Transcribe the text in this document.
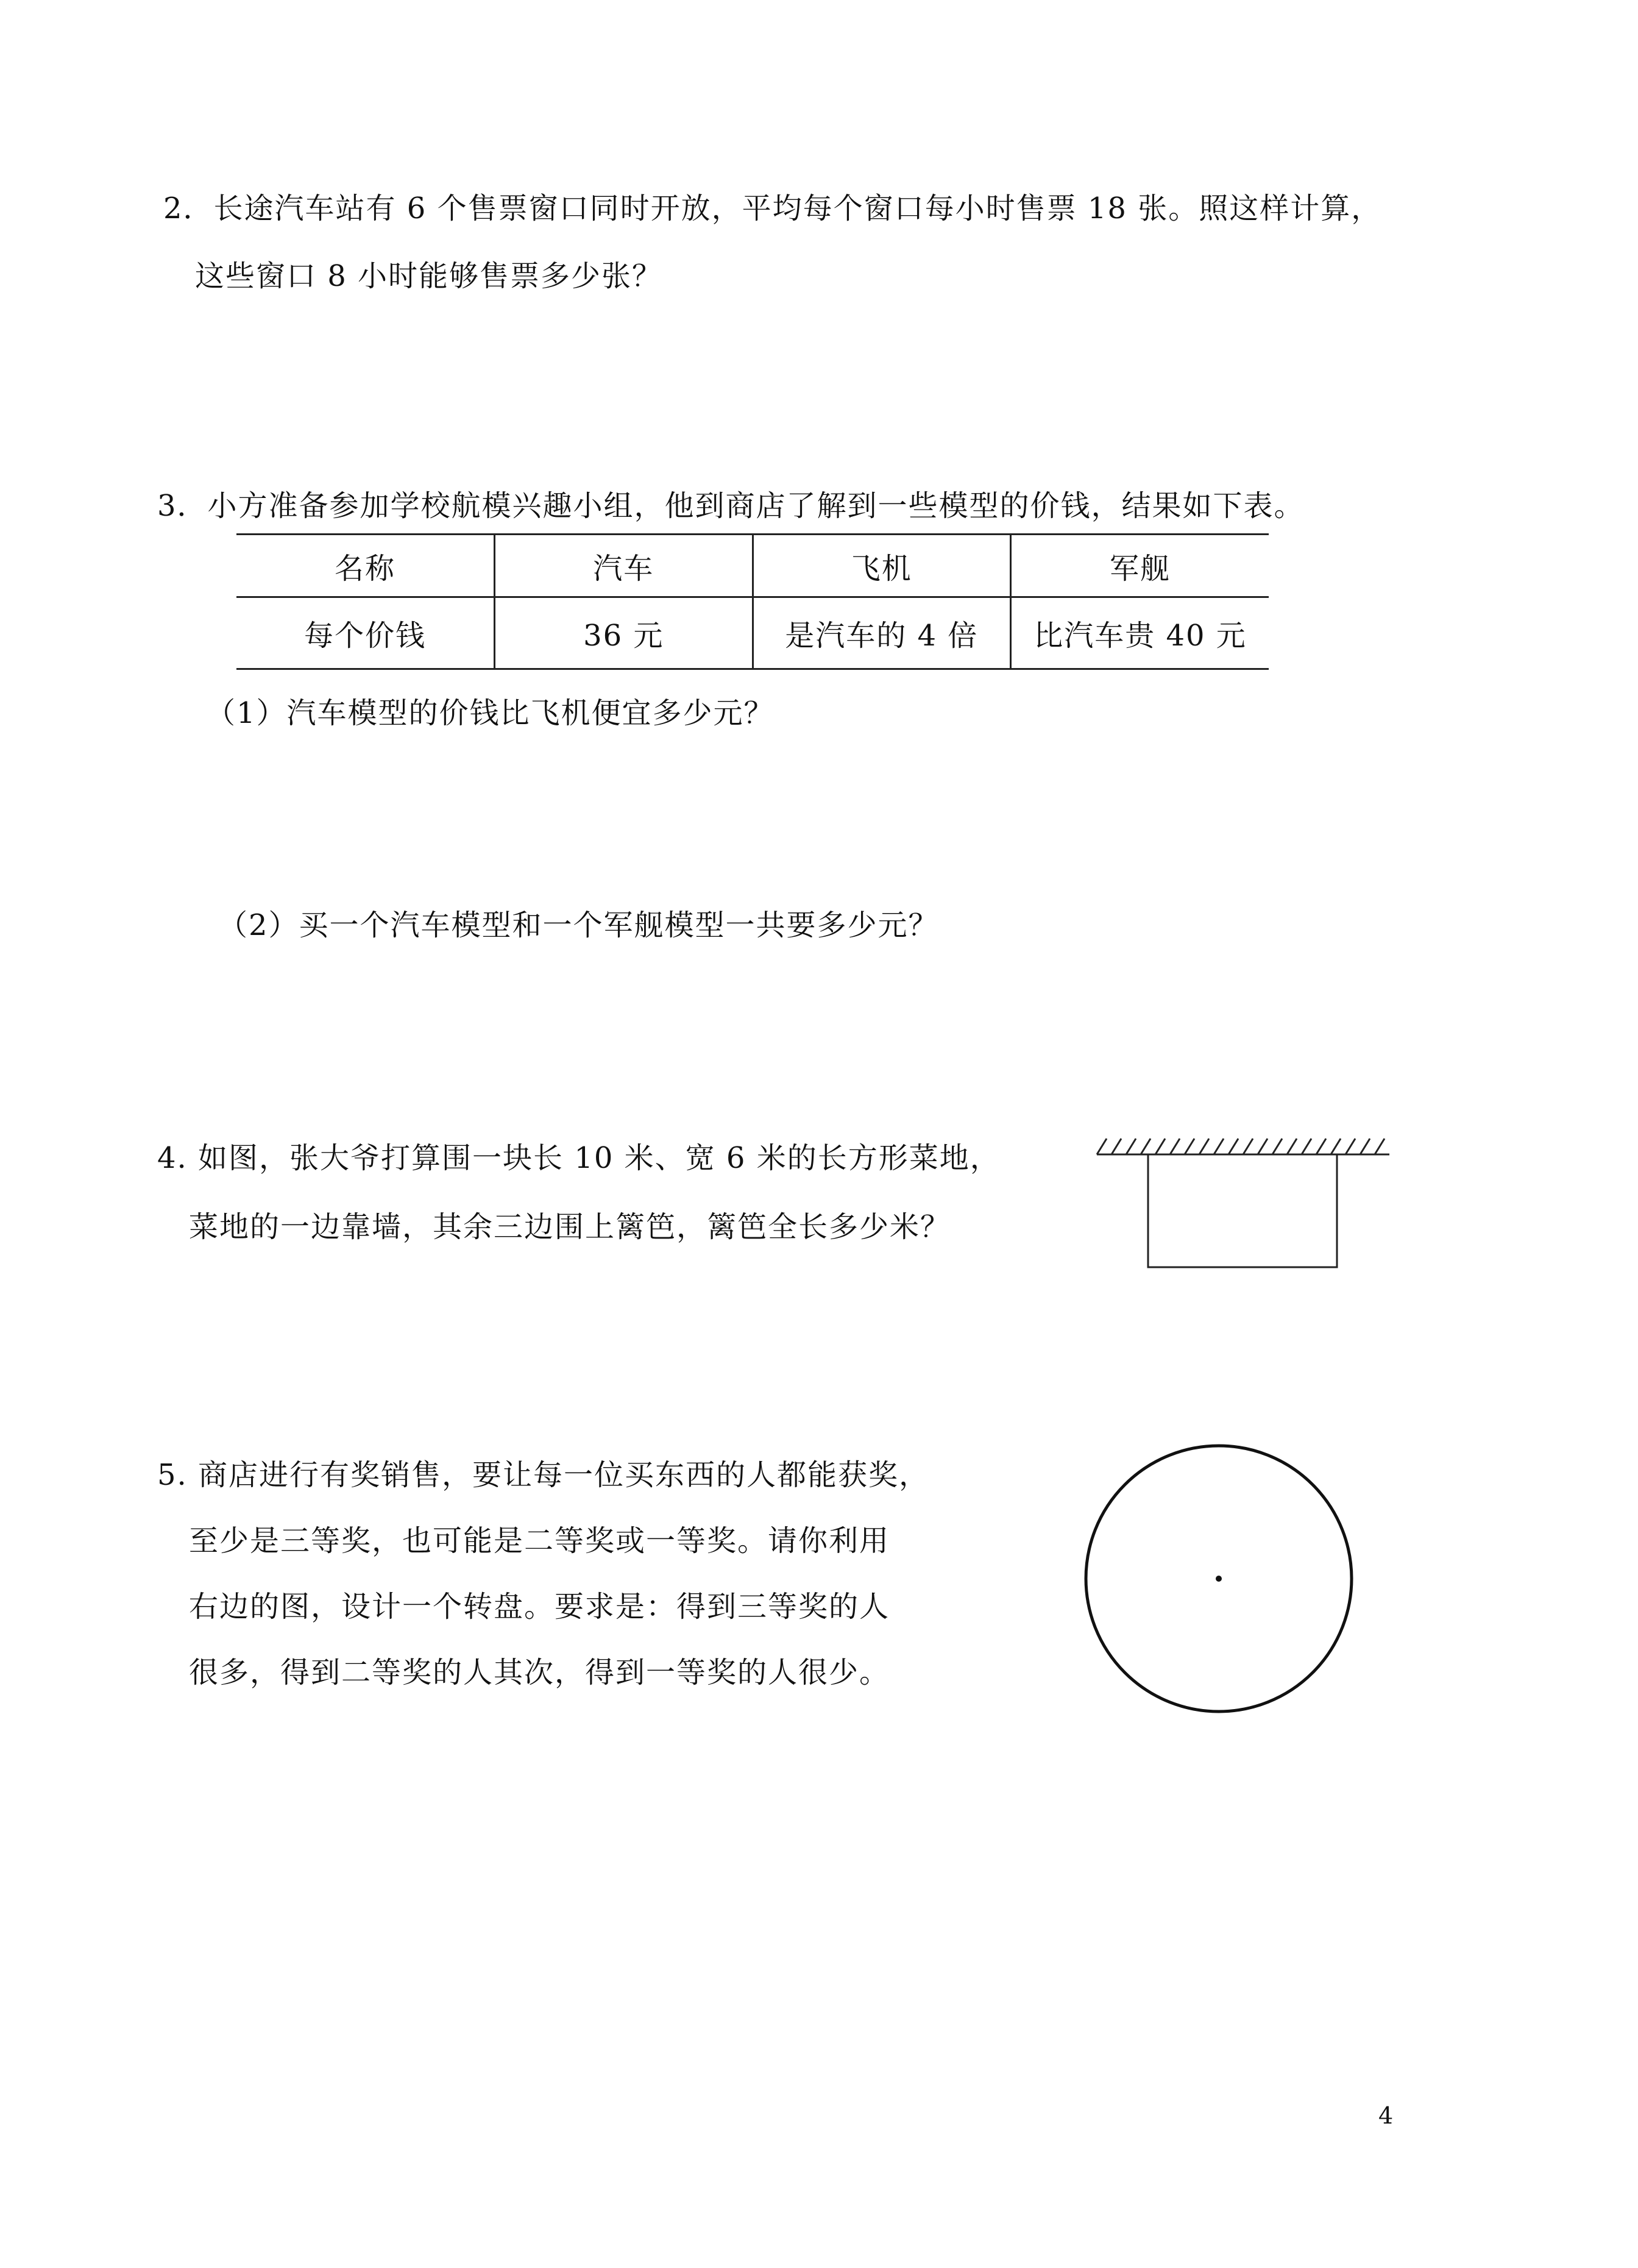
2．长途汽车站有 6 个售票窗口同时开放，平均每个窗口每小时售票 18 张。照这样计算，
这些窗口 8 小时能够售票多少张？
3．小方准备参加学校航模兴趣小组，他到商店了解到一些模型的价钱，结果如下表。
名称	汽车	飞机	军舰
每个价钱	36 元	是汽车的 4 倍	比汽车贵 40 元
（1）汽车模型的价钱比飞机便宜多少元？
（2）买一个汽车模型和一个军舰模型一共要多少元？
4. 如图，张大爷打算围一块长 10 米、宽 6 米的长方形菜地，
菜地的一边靠墙，其余三边围上篱笆，篱笆全长多少米？
5. 商店进行有奖销售，要让每一位买东西的人都能获奖，
至少是三等奖，也可能是二等奖或一等奖。请你利用
右边的图，设计一个转盘。要求是：得到三等奖的人
很多，得到二等奖的人其次，得到一等奖的人很少。
4
